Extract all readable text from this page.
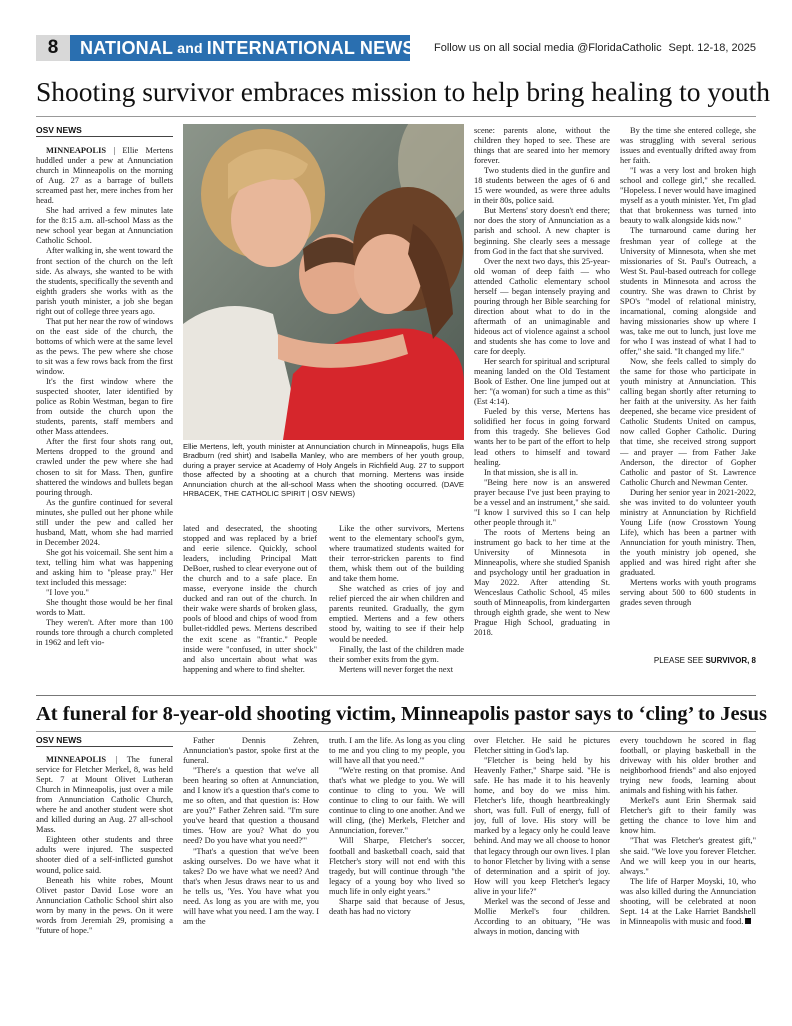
8	NATIONAL and INTERNATIONAL NEWS Follow us on all social media @FloridaCatholic Sept. 12-18, 2025
Shooting survivor embraces mission to help bring healing to youth
OSV NEWS

MINNEAPOLIS | Ellie Mertens huddled under a pew at Annunciation church in Minneapolis on the morning of Aug. 27 as a barrage of bullets screamed past her, mere inches from her head.

She had arrived a few minutes late for the 8:15 a.m. all-school Mass as the new school year began at Annunciation Catholic School.

After walking in, she went toward the front section of the church on the left side. As always, she wanted to be with the students, specifically the seventh and eighth graders she works with as the parish youth minister, a job she began right out of college three years ago.

That put her near the row of windows on the east side of the church, the bottoms of which were at the same level as the pews. The pew where she chose to sit was a few rows back from the first window.

It's the first window where the suspected shooter, later identified by police as Robin Westman, began to fire from outside the church upon the students, parents, staff members and other Mass attendees.

After the first four shots rang out, Mertens dropped to the ground and crawled under the pew where she had chosen to sit for Mass. Then, gunfire shattered the windows and bullets began pouring through.

As the gunfire continued for several minutes, she pulled out her phone while still under the pew and called her husband, Matt, whom she had married in December 2024.

She got his voicemail. She sent him a text, telling him what was happening and asking him to "please pray." Her text included this message:

"I love you."

She thought those would be her final words to Matt.

They weren't. After more than 100 rounds tore through a church completed in 1962 and left vio-

Ellie Mertens, left, youth minister at Annunciation church in Minneapolis, hugs Ella Bradburn (red shirt) and Isabella Manley, who are members of her youth group, during a prayer service at Academy of Holy Angels in Richfield Aug. 27 to support those affected by a shooting at a church that morning. Mertens was inside Annunciation church at the all-school Mass when the shooting occurred. (DAVE HRBACEK, THE CATHOLIC SPIRIT | OSV NEWS)

lated and desecrated, the shooting stopped and was replaced by a brief and eerie silence. Quickly, school leaders, including Principal Matt DeBoer, rushed to clear everyone out of the church and to a safe place. En masse, everyone inside the church ducked and ran out of the church. In their wake were shards of broken glass, pools of blood and chips of wood from bullet-riddled pews. Mertens described the exit scene as "frantic." People inside were "confused, in utter shock" and also uncertain about what was happening and where to find shelter.

Like the other survivors, Mertens went to the elementary school's gym, where traumatized students waited for their terror-stricken parents to find them, whisk them out of the building and take them home.

She watched as cries of joy and relief pierced the air when children and parents reunited. Gradually, the gym emptied. Mertens and a few others stood by, waiting to see if their help would be needed.

Finally, the last of the children made their somber exits from the gym.

Mertens will never forget the next

scene: parents alone, without the children they hoped to see. These are things that are seared into her memory forever.

Two students died in the gunfire and 18 students between the ages of 6 and 15 were wounded, as were three adults in their 80s, police said.

But Mertens' story doesn't end there; nor does the story of Annunciation as a parish and school. A new chapter is beginning. She clearly sees a message from God in the fact that she survived.

Over the next two days, this 25-year-old woman of deep faith — who attended Catholic elementary school herself — began intensely praying and pouring through her Bible searching for direction about what to do in the aftermath of an unimaginable and hideous act of violence against a school and students she has come to love and care for deeply.

Her search for spiritual and scriptural meaning landed on the Old Testament Book of Esther. One line jumped out at her: "(a woman) for such a time as this" (Est 4:14).

Fueled by this verse, Mertens has solidified her focus in going forward from this tragedy. She believes God wants her to be part of the effort to help lead others to himself and toward healing.

In that mission, she is all in.

"Being here now is an answered prayer because I've just been praying to be a vessel and an instrument," she said. "I know I survived this so I can help other people through it."

The roots of Mertens being an instrument go back to her time at the University of Minnesota in Minneapolis, where she studied Spanish and psychology until her graduation in May 2022. After attending St. Wenceslaus Catholic School, 45 miles south of Minneapolis, from kindergarten through eighth grade, she went to New Prague High School, graduating in 2018.

By the time she entered college, she was struggling with several serious issues and eventually drifted away from her faith.

"I was a very lost and broken high school and college girl," she recalled. "Hopeless. I never would have imagined myself as a youth minister. Yet, I'm glad that that brokenness was turned into beauty to walk alongside kids now."

The turnaround came during her freshman year of college at the University of Minnesota, when she met missionaries of St. Paul's Outreach, a West St. Paul-based outreach for college students in Minnesota and across the country. She was drawn to Christ by SPO's "model of relational ministry, incarnational, coming alongside and having missionaries show up where I was, take me out to lunch, just love me for who I was instead of what I had to offer," she said. "It changed my life."

Now, she feels called to simply do the same for those who participate in youth ministry at Annunciation. This calling began shortly after returning to her faith at the university. As her faith deepened, she became vice president of Catholic Students United on campus, now called Gopher Catholic. During that time, she received strong support — and prayer — from Father Jake Anderson, the director of Gopher Catholic and pastor of St. Lawrence Catholic Church and Newman Center.

During her senior year in 2021-2022, she was invited to do volunteer youth ministry at Annunciation by Richfield Young Life (now Crosstown Young Life), which has been a partner with Annunciation for youth ministry. Then, the youth ministry job opened, she applied and was hired right after she graduated.

Mertens works with youth programs serving about 500 to 600 students in grades seven through

PLEASE SEE SURVIVOR, 8
At funeral for 8-year-old shooting victim, Minneapolis pastor says to ‘cling’ to Jesus
OSV NEWS

MINNEAPOLIS | The funeral service for Fletcher Merkel, 8, was held Sept. 7 at Mount Olivet Lutheran Church in Minneapolis, just over a mile from Annunciation Catholic Church, where he and another student were shot and killed during an Aug. 27 all-school Mass.

Eighteen other students and three adults were injured. The suspected shooter died of a self-inflicted gunshot wound, police said.

Beneath his white robes, Mount Olivet pastor David Lose wore an Annunciation Catholic School shirt also worn by many in the pews. On it were words from Jeremiah 29, promising a "future of hope."

Father Dennis Zehren, Annunciation's pastor, spoke first at the funeral.

"There's a question that we've all been hearing so often at Annunciation, and I know it's a question that's come to me so often, and that question is: How are you?" Father Zehren said. "I'm sure you've heard that question a thousand times. 'How are you? What do you need? Do you have what you need?'"

"That's a question that we've been asking ourselves. Do we have what it takes? Do we have what we need? And that's when Jesus draws near to us and he tells us, 'Yes. You have what you need. As long as you are with me, you will have what you need. I am the way. I am the

truth. I am the life. As long as you cling to me and you cling to my people, you will have all that you need.'"

"We're resting on that promise. And that's what we pledge to you. We will continue to cling to you. We will continue to cling to our faith. We will continue to cling to one another. And we will cling, (the) Merkels, Fletcher and Annunciation, forever."

Will Sharpe, Fletcher's soccer, football and basketball coach, said that Fletcher's story will not end with this tragedy, but will continue through "the legacy of a young boy who lived so much life in only eight years."

Sharpe said that because of Jesus, death has had no victory

over Fletcher. He said he pictures Fletcher sitting in God's lap.

"Fletcher is being held by his Heavenly Father," Sharpe said. "He is safe. He has made it to his heavenly home, and boy do we miss him. Fletcher's life, though heartbreakingly short, was full. Full of energy, full of joy, full of love. His story will be marked by a legacy only he could leave behind. And may we all choose to honor that legacy through our own lives. I plan to honor Fletcher by living with a sense of determination and a spirit of joy. How will you keep Fletcher's legacy alive in your life?"

Merkel was the second of Jesse and Mollie Merkel's four children. According to an obituary, "He was always in motion, dancing with

every touchdown he scored in flag football, or playing basketball in the driveway with his older brother and neighborhood friends" and also enjoyed trying new foods, learning about animals and fishing with his father.

Merkel's aunt Erin Shermak said Fletcher's gift to their family was getting the chance to love him and know him.

"That was Fletcher's greatest gift," she said. "We love you forever Fletcher. And we will keep you in our hearts, always."

The life of Harper Moyski, 10, who was also killed during the Annunciation shooting, will be celebrated at noon Sept. 14 at the Lake Harriet Bandshell in Minneapolis with music and food.
